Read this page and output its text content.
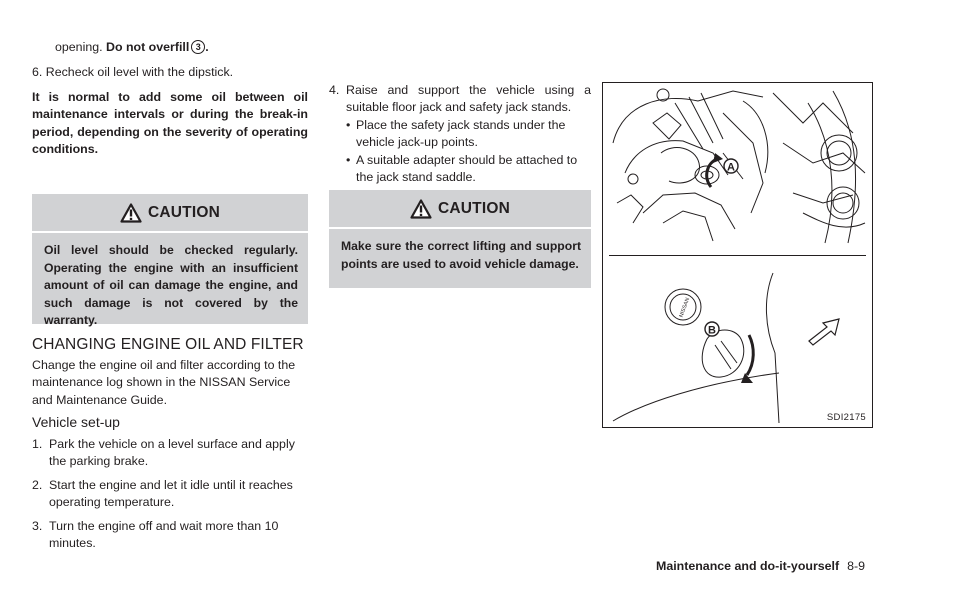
opening. Do not overfill 3 .

6. Recheck oil level with the dipstick.

It is normal to add some oil between oil maintenance intervals or during the break-in period, depending on the severity of operating conditions.

CAUTION
Oil level should be checked regularly. Operating the engine with an insufficient amount of oil can damage the engine, and such damage is not covered by the warranty.
CHANGING ENGINE OIL AND FILTER

Change the engine oil and filter according to the maintenance log shown in the NISSAN Service and Maintenance Guide.

Vehicle set-up
1. Park the vehicle on a level surface and apply the parking brake.
2. Start the engine and let it idle until it reaches operating temperature.
3. Turn the engine off and wait more than 10 minutes.
4. Raise and support the vehicle using a suitable floor jack and safety jack stands.
• Place the safety jack stands under the vehicle jack-up points.
• A suitable adapter should be attached to the jack stand saddle.
CAUTION
Make sure the correct lifting and support points are used to avoid vehicle damage.
A
NISSAN
B
SDI2175
Maintenance and do-it-yourself 8-9
